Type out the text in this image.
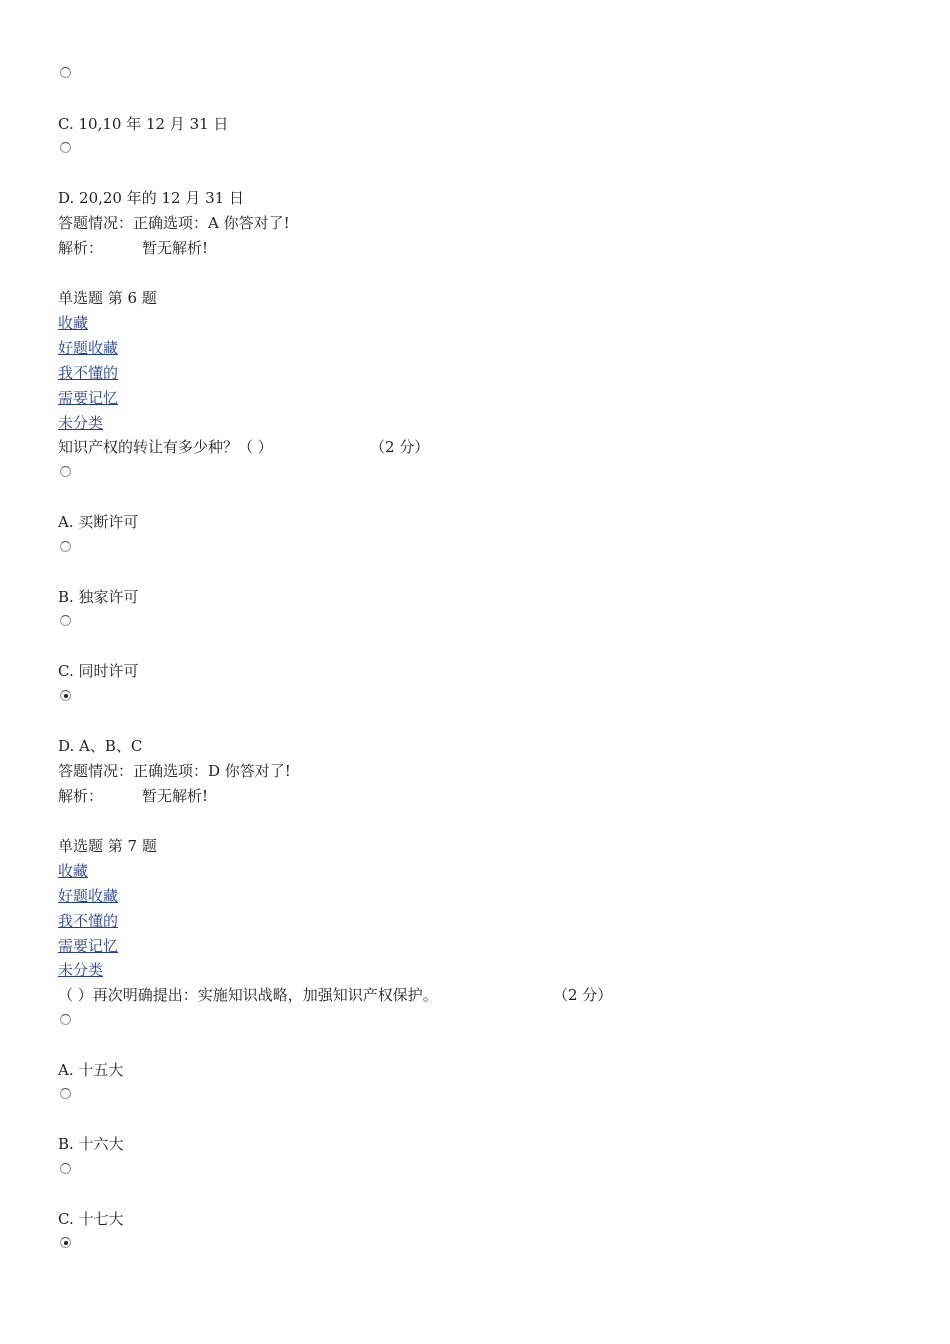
C. 10,10 年 12 月 31 日
D. 20,20 年的 12 月 31 日
答题情况：正确选项：A 你答对了!
解析：	暂无解析!
单选题 第 6 题
收藏
好题收藏
我不懂的
需要记忆
未分类
知识产权的转让有多少种？（ ）	（2 分）
A. 买断许可
B. 独家许可
C. 同时许可
D. A、B、C
答题情况：正确选项：D 你答对了!
解析：	暂无解析!
单选题 第 7 题
收藏
好题收藏
我不懂的
需要记忆
未分类
（ ）再次明确提出：实施知识战略，加强知识产权保护。	（2 分）
A. 十五大
B. 十六大
C. 十七大
